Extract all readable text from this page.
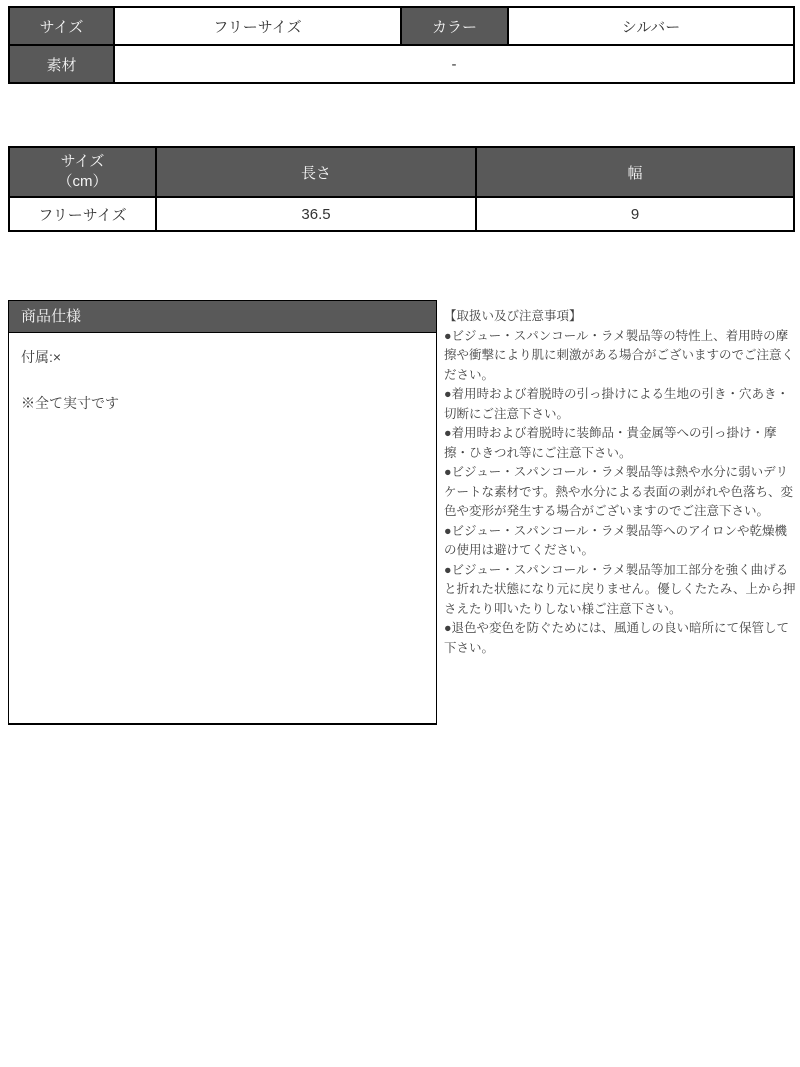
サイズ	フリーサイズ	カラー	シルバー
素材	-		
サイズ
（cm）	長さ	幅
フリーサイズ	36.5	9
商品仕様

付属:×

※全て実寸です

【取扱い及び注意事項】

●ビジュー・スパンコール・ラメ製品等の特性上、着用時の摩擦や衝撃により肌に刺激がある場合がございますのでご注意ください。

●着用時および着脱時の引っ掛けによる生地の引き・穴あき・切断にご注意下さい。

●着用時および着脱時に装飾品・貴金属等への引っ掛け・摩擦・ひきつれ等にご注意下さい。

●ビジュー・スパンコール・ラメ製品等は熱や水分に弱いデリケートな素材です。熱や水分による表面の剥がれや色落ち、変色や変形が発生する場合がございますのでご注意下さい。

●ビジュー・スパンコール・ラメ製品等へのアイロンや乾燥機の使用は避けてください。

●ビジュー・スパンコール・ラメ製品等加工部分を強く曲げると折れた状態になり元に戻りません。優しくたたみ、上から押さえたり叩いたりしない様ご注意下さい。

●退色や変色を防ぐためには、風通しの良い暗所にて保管して下さい。
